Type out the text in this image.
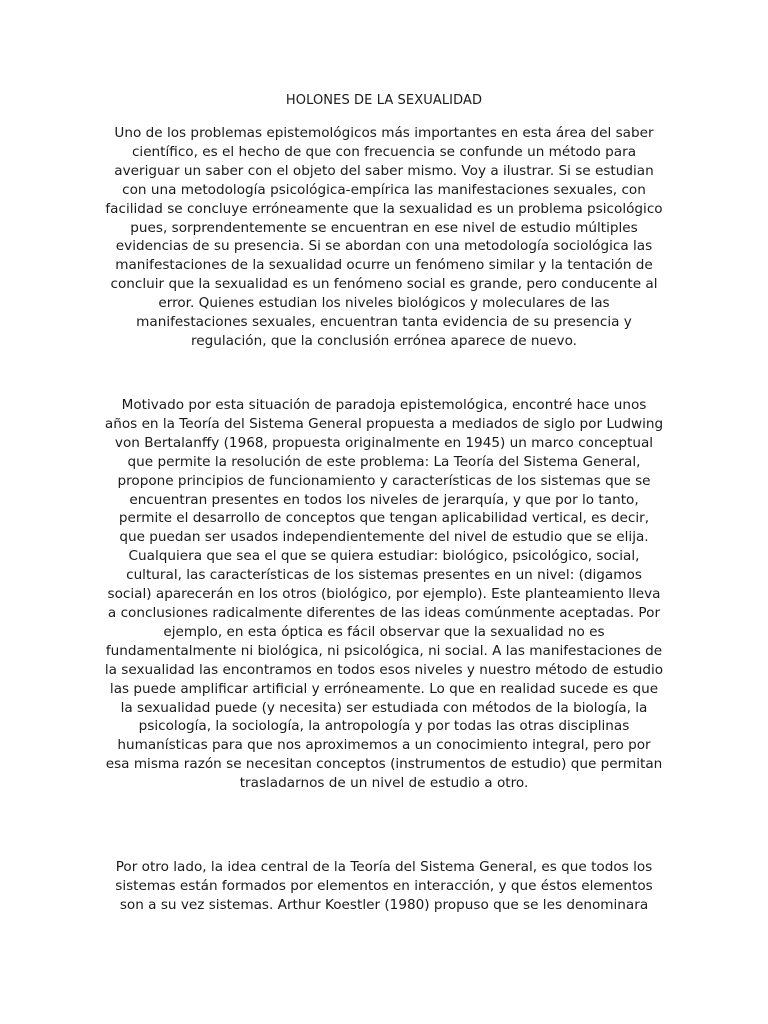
HOLONES DE LA SEXUALIDAD

Uno de los problemas epistemológicos más importantes en esta área del saber científico, es el hecho de que con frecuencia se confunde un método para averiguar un saber con el objeto del saber mismo. Voy a ilustrar. Si se estudian con una metodología psicológica-empírica las manifestaciones sexuales, con facilidad se concluye erróneamente que la sexualidad es un problema psicológico pues, sorprendentemente se encuentran en ese nivel de estudio múltiples evidencias de su presencia. Si se abordan con una metodología sociológica las manifestaciones de la sexualidad ocurre un fenómeno similar y la tentación de concluir que la sexualidad es un fenómeno social es grande, pero conducente al error. Quienes estudian los niveles biológicos y moleculares de las manifestaciones sexuales, encuentran tanta evidencia de su presencia y regulación, que la conclusión errónea aparece de nuevo.

Motivado por esta situación de paradoja epistemológica, encontré hace unos años en la Teoría del Sistema General propuesta a mediados de siglo por Ludwing von Bertalanffy (1968, propuesta originalmente en 1945) un marco conceptual que permite la resolución de este problema: La Teoría del Sistema General, propone principios de funcionamiento y características de los sistemas que se encuentran presentes en todos los niveles de jerarquía, y que por lo tanto, permite el desarrollo de conceptos que tengan aplicabilidad vertical, es decir, que puedan ser usados independientemente del nivel de estudio que se elija. Cualquiera que sea el que se quiera estudiar: biológico, psicológico, social, cultural, las características de los sistemas presentes en un nivel: (digamos social) aparecerán en los otros (biológico, por ejemplo). Este planteamiento lleva a conclusiones radicalmente diferentes de las ideas comúnmente aceptadas. Por ejemplo, en esta óptica es fácil observar que la sexualidad no es fundamentalmente ni biológica, ni psicológica, ni social. A las manifestaciones de la sexualidad las encontramos en todos esos niveles y nuestro método de estudio las puede amplificar artificial y erróneamente. Lo que en realidad sucede es que la sexualidad puede (y necesita) ser estudiada con métodos de la biología, la psicología, la sociología, la antropología y por todas las otras disciplinas humanísticas para que nos aproximemos a un conocimiento integral, pero por esa misma razón se necesitan conceptos (instrumentos de estudio) que permitan trasladarnos de un nivel de estudio a otro.

Por otro lado, la idea central de la Teoría del Sistema General, es que todos los sistemas están formados por elementos en interacción, y que éstos elementos son a su vez sistemas. Arthur Koestler (1980) propuso que se les denominara
